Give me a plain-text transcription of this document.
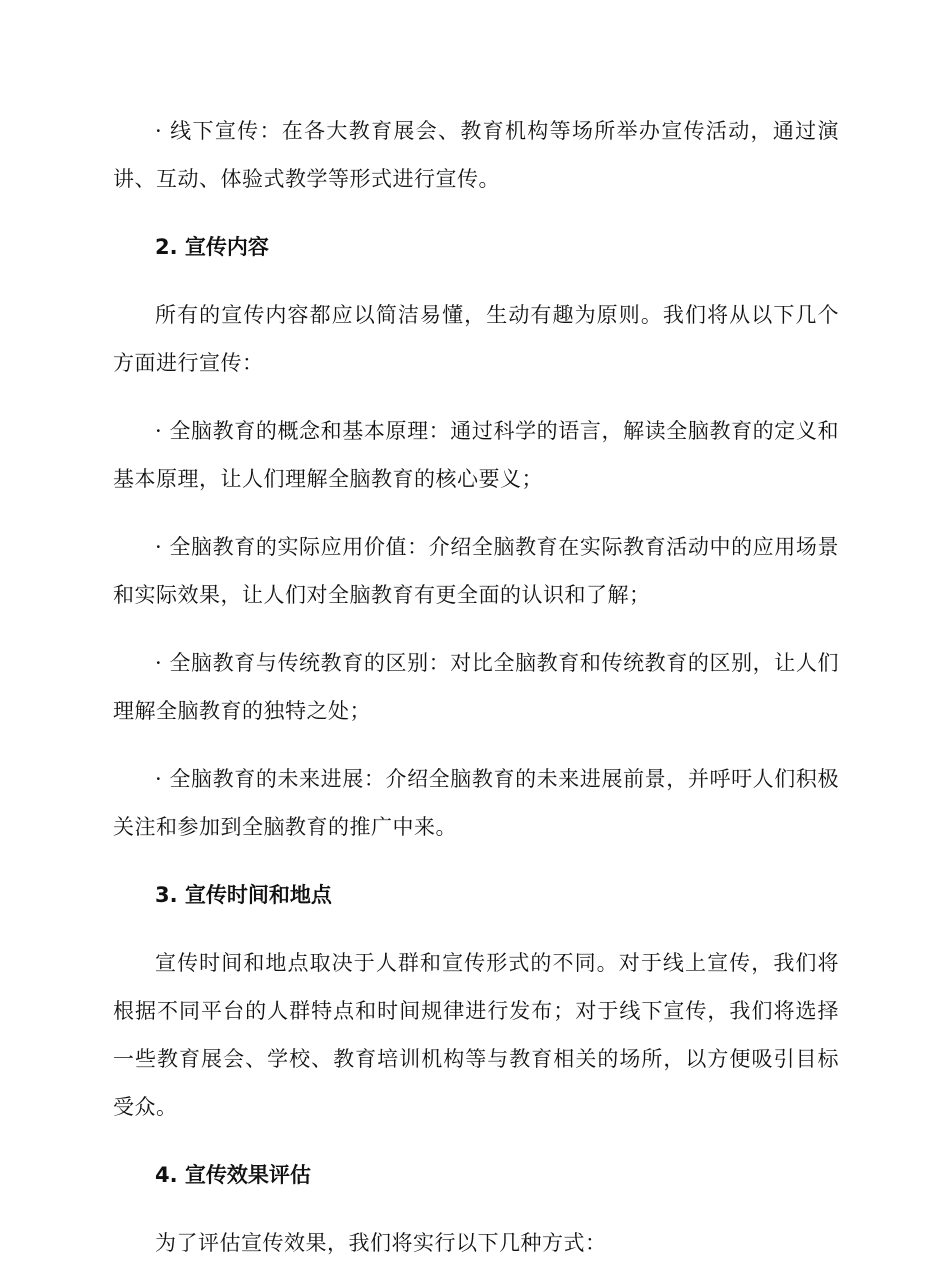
· 线下宣传：在各大教育展会、教育机构等场所举办宣传活动，通过演讲、互动、体验式教学等形式进行宣传。

2. 宣传内容

所有的宣传内容都应以简洁易懂，生动有趣为原则。我们将从以下几个方面进行宣传：

· 全脑教育的概念和基本原理：通过科学的语言，解读全脑教育的定义和基本原理，让人们理解全脑教育的核心要义；

· 全脑教育的实际应用价值：介绍全脑教育在实际教育活动中的应用场景和实际效果，让人们对全脑教育有更全面的认识和了解；

· 全脑教育与传统教育的区别：对比全脑教育和传统教育的区别，让人们理解全脑教育的独特之处；

· 全脑教育的未来进展：介绍全脑教育的未来进展前景，并呼吁人们积极关注和参加到全脑教育的推广中来。

3. 宣传时间和地点

宣传时间和地点取决于人群和宣传形式的不同。对于线上宣传，我们将根据不同平台的人群特点和时间规律进行发布；对于线下宣传，我们将选择一些教育展会、学校、教育培训机构等与教育相关的场所，以方便吸引目标受众。

4. 宣传效果评估

为了评估宣传效果，我们将实行以下几种方式：
